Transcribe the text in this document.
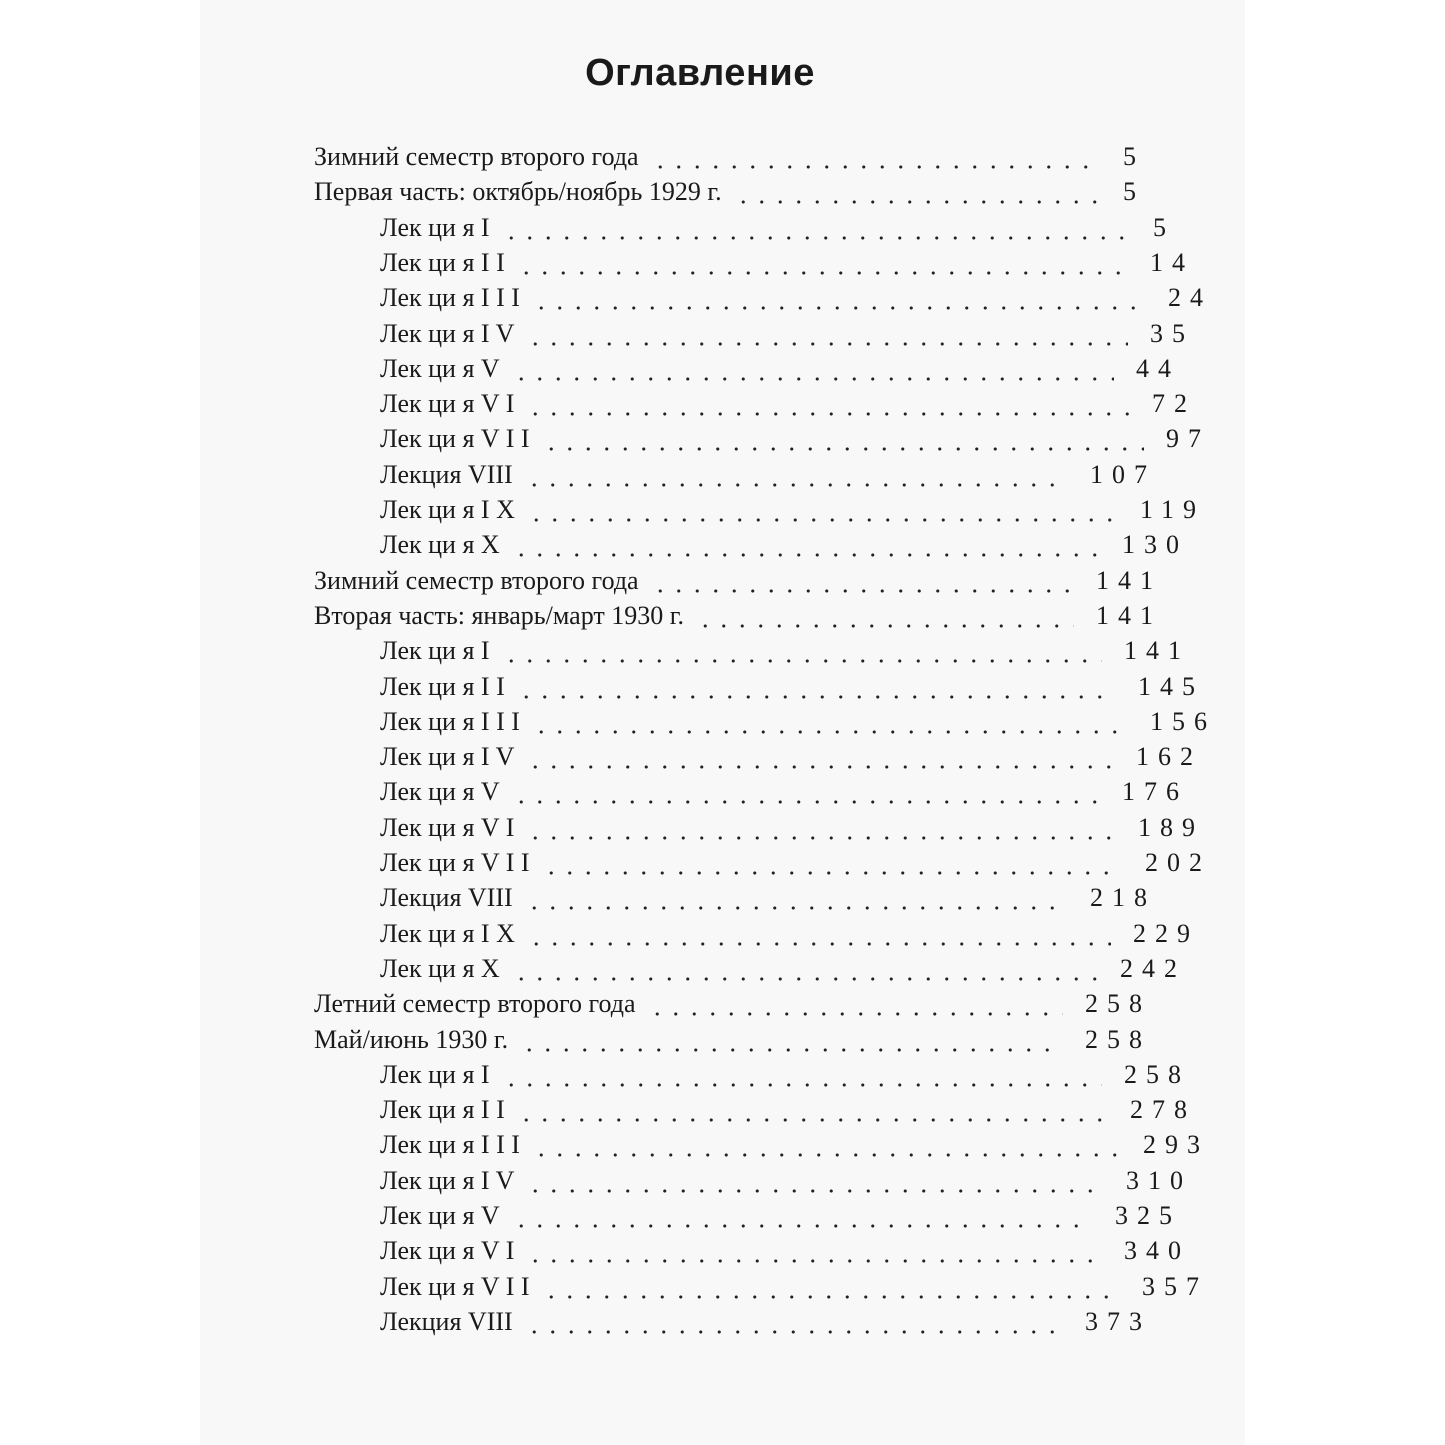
Оглавление
Зимний семестр второго года	5
Первая часть: октябрь/ноябрь 1929 г.	5
Лек ци я I	5
Лек ци я I I	14
Лек ци я I I I	24
Лек ци я I V	35
Лек ци я V	44
Лек ци я V I	72
Лек ци я V I I	97
Лекция VIII	107
Лек ци я I X	119
Лек ци я X	130
Зимний семестр второго года	141
Вторая часть: январь/март 1930 г.	141
Лек ци я I	141
Лек ци я I I	145
Лек ци я I I I	156
Лек ци я I V	162
Лек ци я V	176
Лек ци я V I	189
Лек ци я V I I	202
Лекция VIII	218
Лек ци я I X	229
Лек ци я X	242
Летний семестр второго года	258
Май/июнь 1930 г.	258
Лек ци я I	258
Лек ци я I I	278
Лек ци я I I I	293
Лек ци я I V	310
Лек ци я V	325
Лек ци я V I	340
Лек ци я V I I	357
Лекция VIII	373
